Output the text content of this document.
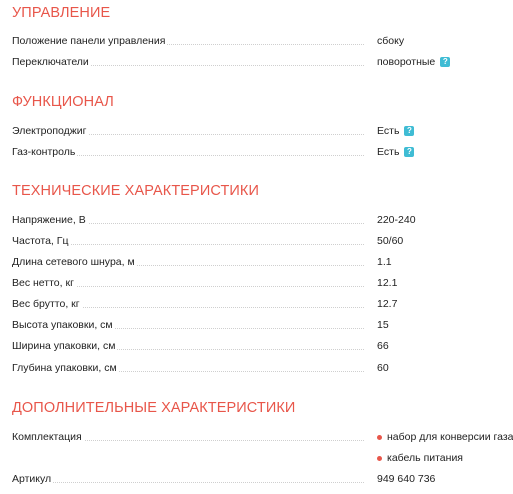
УПРАВЛЕНИЕ
Положение панели управления	сбоку
Переключатели	поворотные ?
ФУНКЦИОНАЛ
Электроподжиг	Есть ?
Газ-контроль	Есть ?
ТЕХНИЧЕСКИЕ ХАРАКТЕРИСТИКИ
Напряжение, В	220-240
Частота, Гц	50/60
Длина сетевого шнура, м	1.1
Вес нетто, кг	12.1
Вес брутто, кг	12.7
Высота упаковки, см	15
Ширина упаковки, см	66
Глубина упаковки, см	60
ДОПОЛНИТЕЛЬНЫЕ ХАРАКТЕРИСТИКИ
Комплектация	набор для конверсии газа
кабель питания
Артикул	949 640 736
